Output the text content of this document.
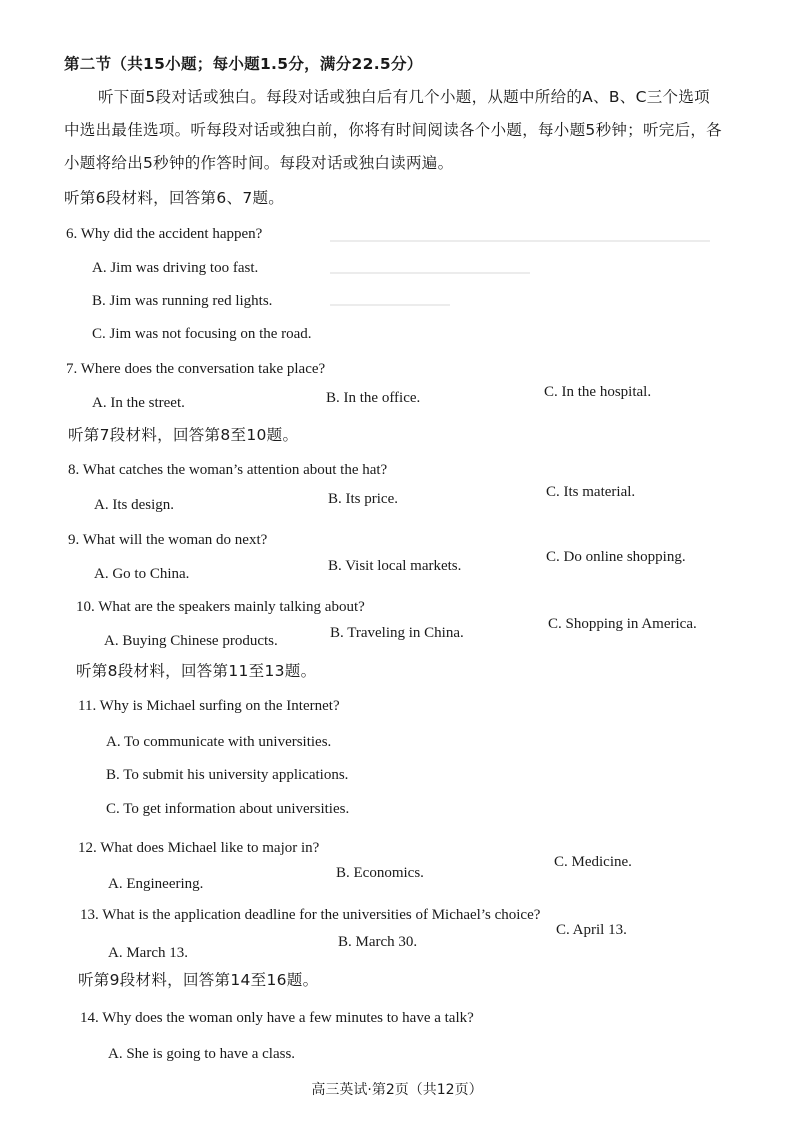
第二节（共15小题；每小题1.5分，满分22.5分）
听下面5段对话或独白。每段对话或独白后有几个小题，从题中所给的A、B、C三个选项
中选出最佳选项。听每段对话或独白前，你将有时间阅读各个小题，每小题5秒钟；听完后，各
小题将给出5秒钟的作答时间。每段对话或独白读两遍。
听第6段材料，回答第6、7题。
6. Why did the accident happen?
A. Jim was driving too fast.
B. Jim was running red lights.
C. Jim was not focusing on the road.
7. Where does the conversation take place?
A. In the street.	B. In the office.	C. In the hospital.
听第7段材料，回答第8至10题。
8. What catches the woman’s attention about the hat?
A. Its design.	B. Its price.	C. Its material.
9. What will the woman do next?
A. Go to China.	B. Visit local markets.
C. Do online shopping.
10. What are the speakers mainly talking about?
A. Buying Chinese products.	B. Traveling in China.
C. Shopping in America.
听第8段材料，回答第11至13题。
11. Why is Michael surfing on the Internet?
A. To communicate with universities.
B. To submit his university applications.
C. To get information about universities.
12. What does Michael like to major in?
A. Engineering.
B. Economics.
C. Medicine.
13. What is the application deadline for the universities of Michael’s choice?
A. March 13.
B. March 30.
C. April 13.
听第9段材料，回答第14至16题。
14. Why does the woman only have a few minutes to have a talk?
A. She is going to have a class.
高三英试·第2页（共12页）
